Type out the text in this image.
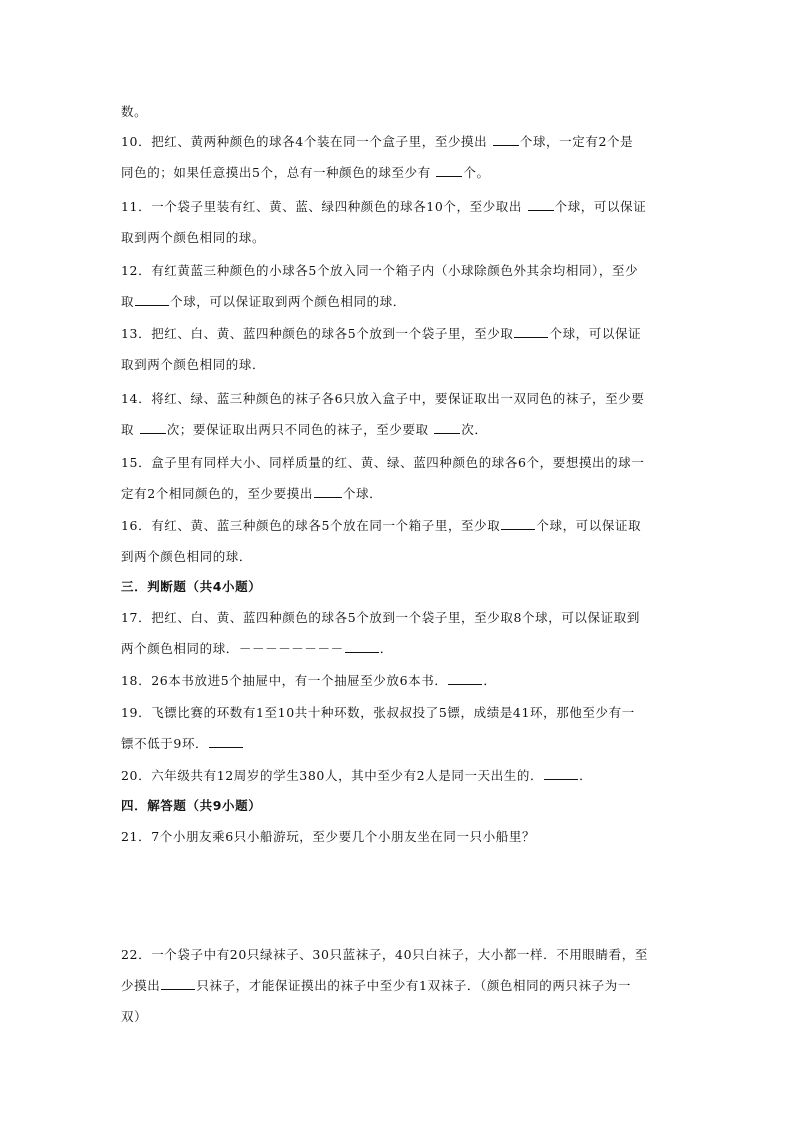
数。
10．把红、黄两种颜色的球各4个装在同一个盒子里，至少摸出 个球，一定有2个是
同色的；如果任意摸出5个，总有一种颜色的球至少有 个。
11．一个袋子里装有红、黄、蓝、绿四种颜色的球各10个，至少取出 个球，可以保证
取到两个颜色相同的球。
12．有红黄蓝三种颜色的小球各5个放入同一个箱子内（小球除颜色外其余均相同），至少
取	个球，可以保证取到两个颜色相同的球．
13．把红、白、黄、蓝四种颜色的球各5个放到一个袋子里，至少取	个球，可以保证
取到两个颜色相同的球．
14．将红、绿、蓝三种颜色的袜子各6只放入盒子中，要保证取出一双同色的袜子，至少要
取 次；要保证取出两只不同色的袜子，至少要取 次．
15．盒子里有同样大小、同样质量的红、黄、绿、蓝四种颜色的球各6个，要想摸出的球一
定有2个相同颜色的，至少要摸出 个球．
16．有红、黄、蓝三种颜色的球各5个放在同一个箱子里，至少取	个球，可以保证取
到两个颜色相同的球．
三．判断题（共4小题）
17．把红、白、黄、蓝四种颜色的球各5个放到一个袋子里，至少取8个球，可以保证取到
两个颜色相同的球．－－－－－－－－	．
18．26本书放进5个抽屉中，有一个抽屉至少放6本书．	．
19．飞镖比赛的环数有1至10共十种环数，张叔叔投了5镖，成绩是41环，那他至少有一
镖不低于9环．
20．六年级共有12周岁的学生380人，其中至少有2人是同一天出生的．	．
四．解答题（共9小题）
21．7个小朋友乘6只小船游玩，至少要几个小朋友坐在同一只小船里？
22．一个袋子中有20只绿袜子、30只蓝袜子，40只白袜子，大小都一样．不用眼睛看，至
少摸出	只袜子，才能保证摸出的袜子中至少有1双袜子．（颜色相同的两只袜子为一
双）
